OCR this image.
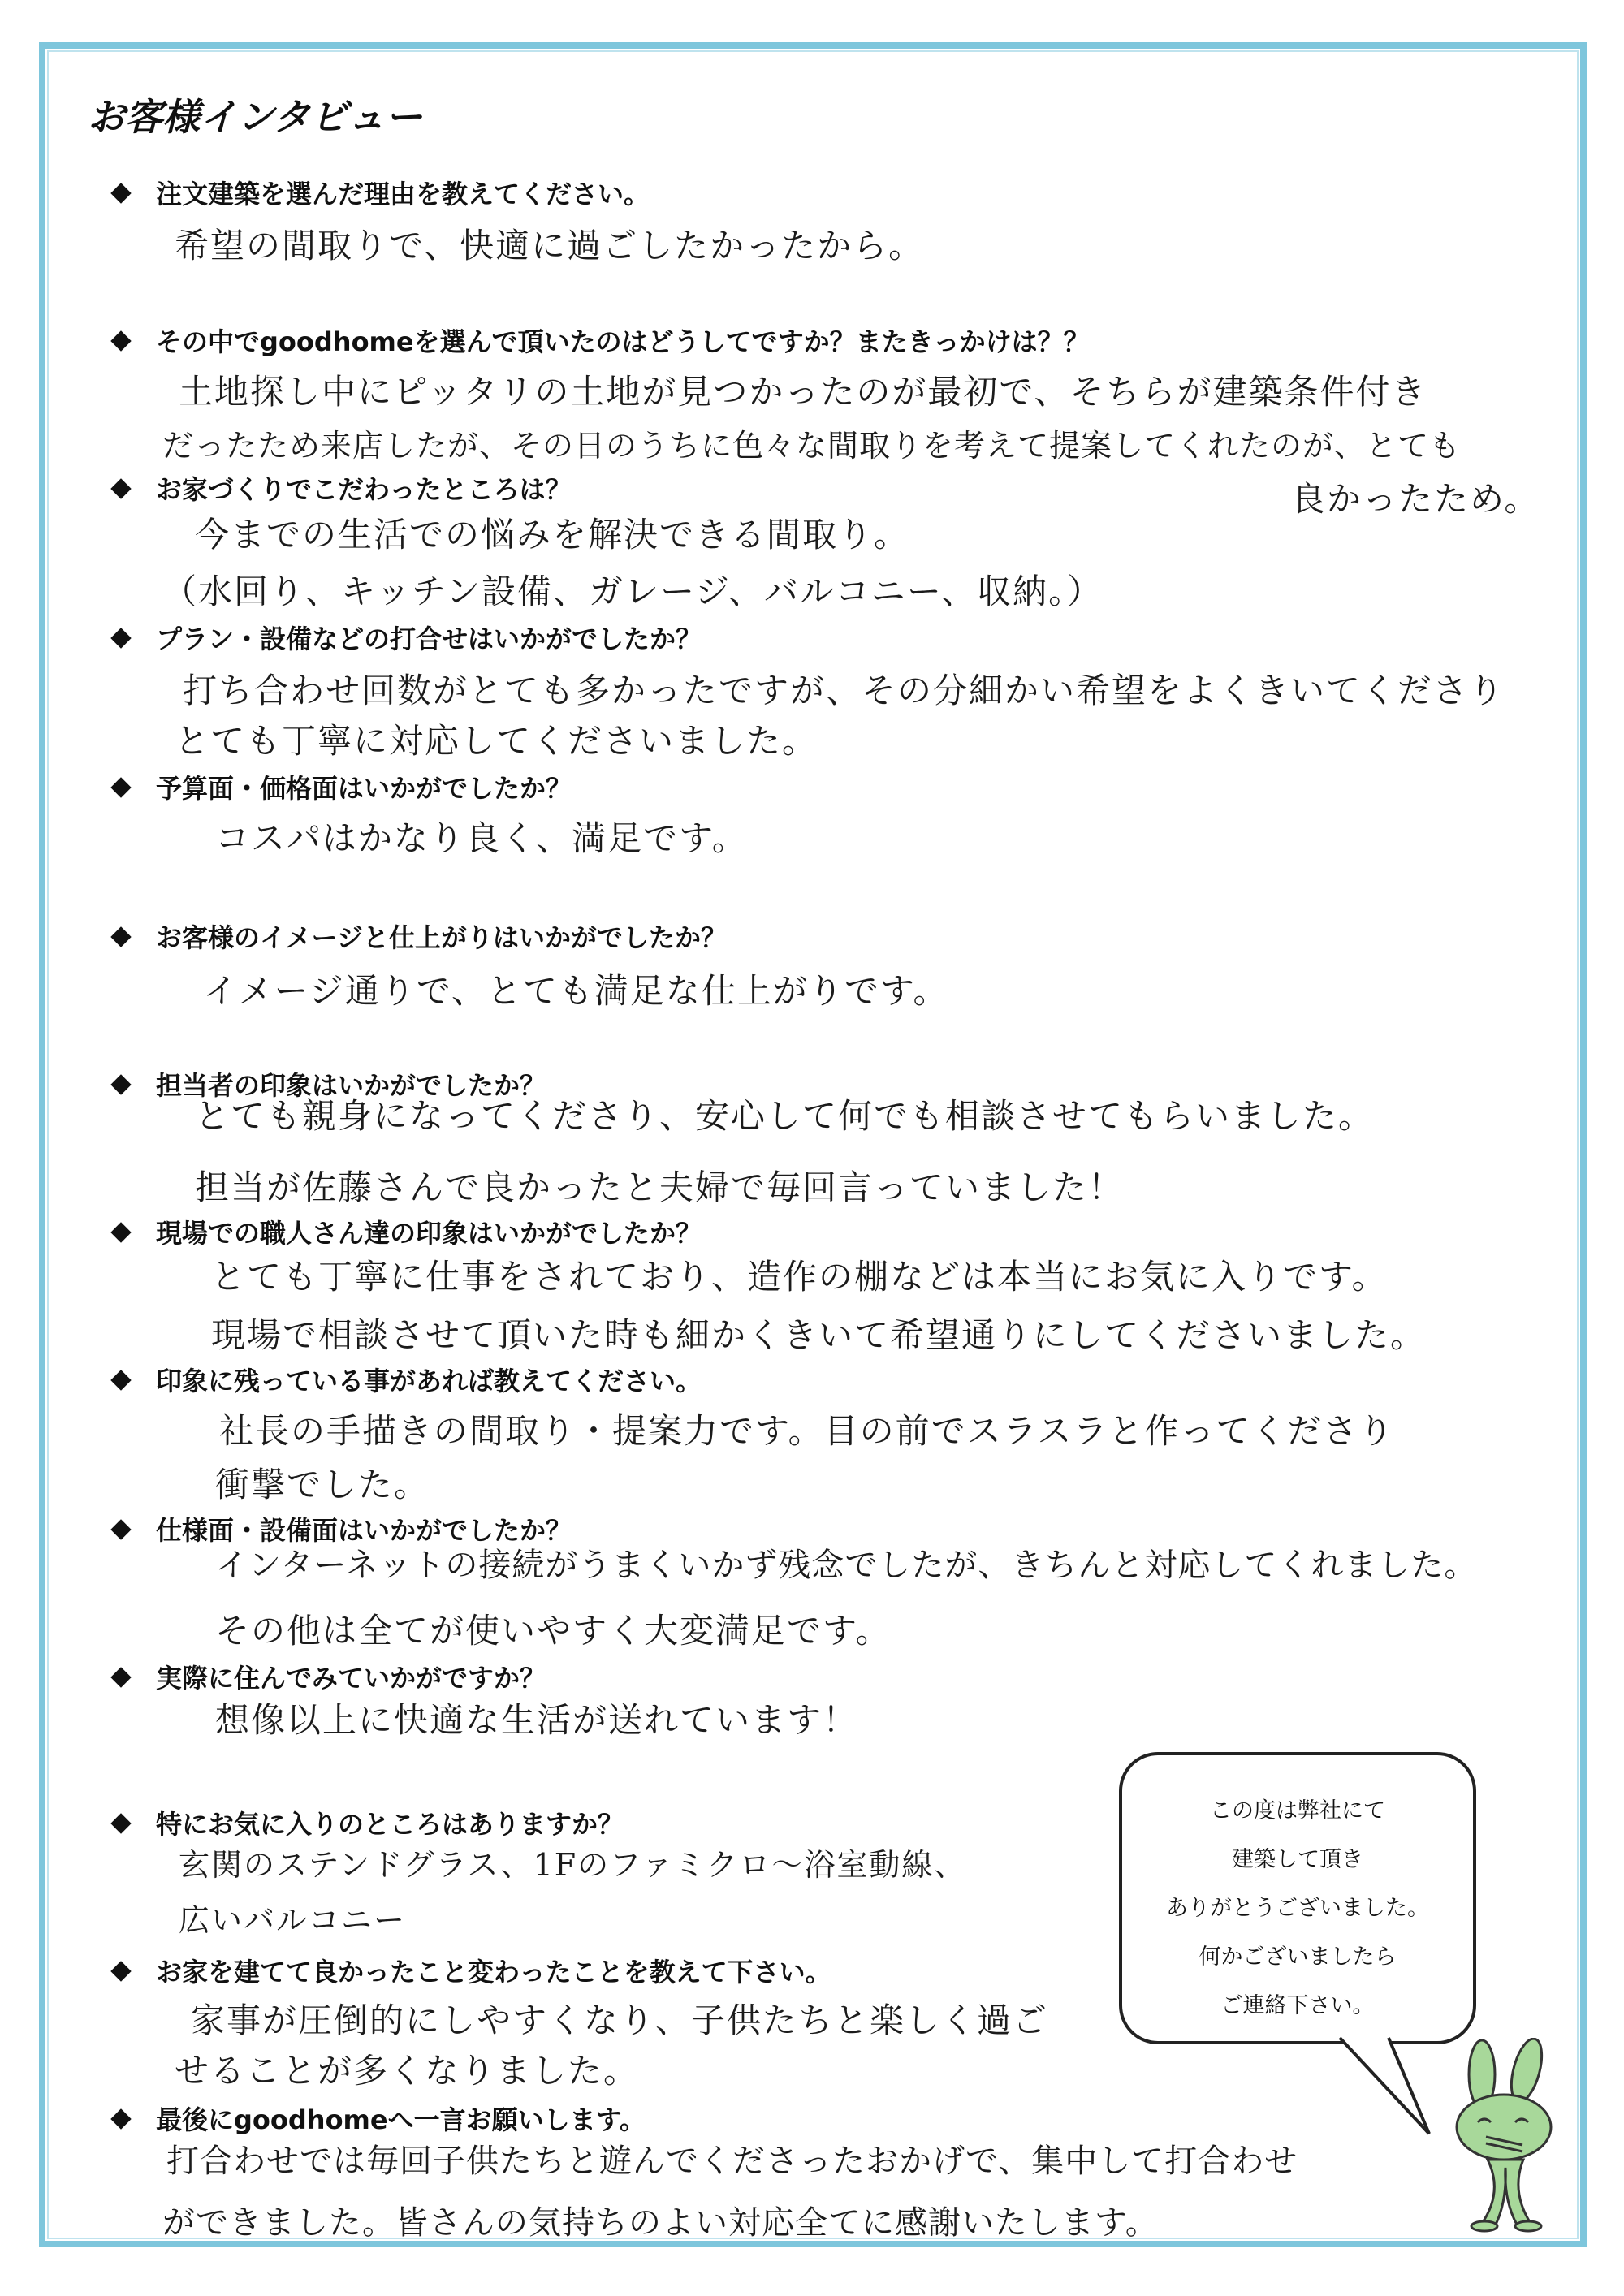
お客様インタビュー
注文建築を選んだ理由を教えてください。
希望の間取りで、快適に過ごしたかったから。
その中でgoodhomeを選んで頂いたのはどうしてですか？またきっかけは？？
土地探し中にピッタリの土地が見つかったのが最初で、そちらが建築条件付き
だったため来店したが、その日のうちに色々な間取りを考えて提案してくれたのが、とても
良かったため。
お家づくりでこだわったところは？
今までの生活での悩みを解決できる間取り。
（水回り、キッチン設備、ガレージ、バルコニー、収納。）
プラン・設備などの打合せはいかがでしたか？
打ち合わせ回数がとても多かったですが、その分細かい希望をよくきいてくださり
とても丁寧に対応してくださいました。
予算面・価格面はいかがでしたか？
コスパはかなり良く、満足です。
お客様のイメージと仕上がりはいかがでしたか？
イメージ通りで、とても満足な仕上がりです。
担当者の印象はいかがでしたか？
とても親身になってくださり、安心して何でも相談させてもらいました。
担当が佐藤さんで良かったと夫婦で毎回言っていました！
現場での職人さん達の印象はいかがでしたか？
とても丁寧に仕事をされており、造作の棚などは本当にお気に入りです。
現場で相談させて頂いた時も細かくきいて希望通りにしてくださいました。
印象に残っている事があれば教えてください。
社長の手描きの間取り・提案力です。目の前でスラスラと作ってくださり
衝撃でした。
仕様面・設備面はいかがでしたか？
インターネットの接続がうまくいかず残念でしたが、きちんと対応してくれました。
その他は全てが使いやすく大変満足です。
実際に住んでみていかがですか？
想像以上に快適な生活が送れています！
特にお気に入りのところはありますか？
玄関のステンドグラス、1Fのファミクロ〜浴室動線、
広いバルコニー
お家を建てて良かったこと変わったことを教えて下さい。
家事が圧倒的にしやすくなり、子供たちと楽しく過ご
せることが多くなりました。
最後にgoodhomeへ一言お願いします。
打合わせでは毎回子供たちと遊んでくださったおかげで、集中して打合わせ
ができました。皆さんの気持ちのよい対応全てに感謝いたします。
この度は弊社にて
建築して頂き
ありがとうございました。
何かございましたら
ご連絡下さい。
